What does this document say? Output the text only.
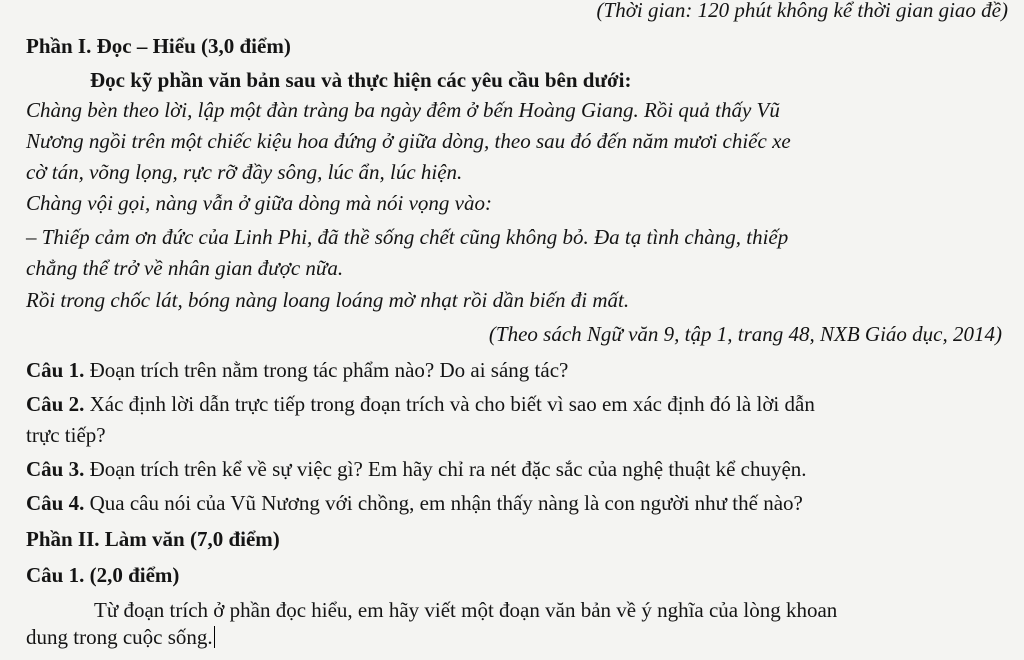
(Thời gian: 120 phút không kể thời gian giao đề)
Phần I. Đọc – Hiểu (3,0 điểm)
Đọc kỹ phần văn bản sau và thực hiện các yêu cầu bên dưới:
Chàng bèn theo lời, lập một đàn tràng ba ngày đêm ở bến Hoàng Giang. Rồi quả thấy Vũ
Nương ngồi trên một chiếc kiệu hoa đứng ở giữa dòng, theo sau đó đến năm mươi chiếc xe
cờ tán, võng lọng, rực rỡ đầy sông, lúc ẩn, lúc hiện.
Chàng vội gọi, nàng vẫn ở giữa dòng mà nói vọng vào:
– Thiếp cảm ơn đức của Linh Phi, đã thề sống chết cũng không bỏ. Đa tạ tình chàng, thiếp
chẳng thể trở về nhân gian được nữa.
Rồi trong chốc lát, bóng nàng loang loáng mờ nhạt rồi dần biến đi mất.
(Theo sách Ngữ văn 9, tập 1, trang 48, NXB Giáo dục, 2014)
Câu 1. Đoạn trích trên nằm trong tác phẩm nào? Do ai sáng tác?
Câu 2. Xác định lời dẫn trực tiếp trong đoạn trích và cho biết vì sao em xác định đó là lời dẫn
trực tiếp?
Câu 3. Đoạn trích trên kể về sự việc gì? Em hãy chỉ ra nét đặc sắc của nghệ thuật kể chuyện.
Câu 4. Qua câu nói của Vũ Nương với chồng, em nhận thấy nàng là con người như thế nào?
Phần II. Làm văn (7,0 điểm)
Câu 1. (2,0 điểm)
Từ đoạn trích ở phần đọc hiểu, em hãy viết một đoạn văn bản về ý nghĩa của lòng khoan
dung trong cuộc sống.
